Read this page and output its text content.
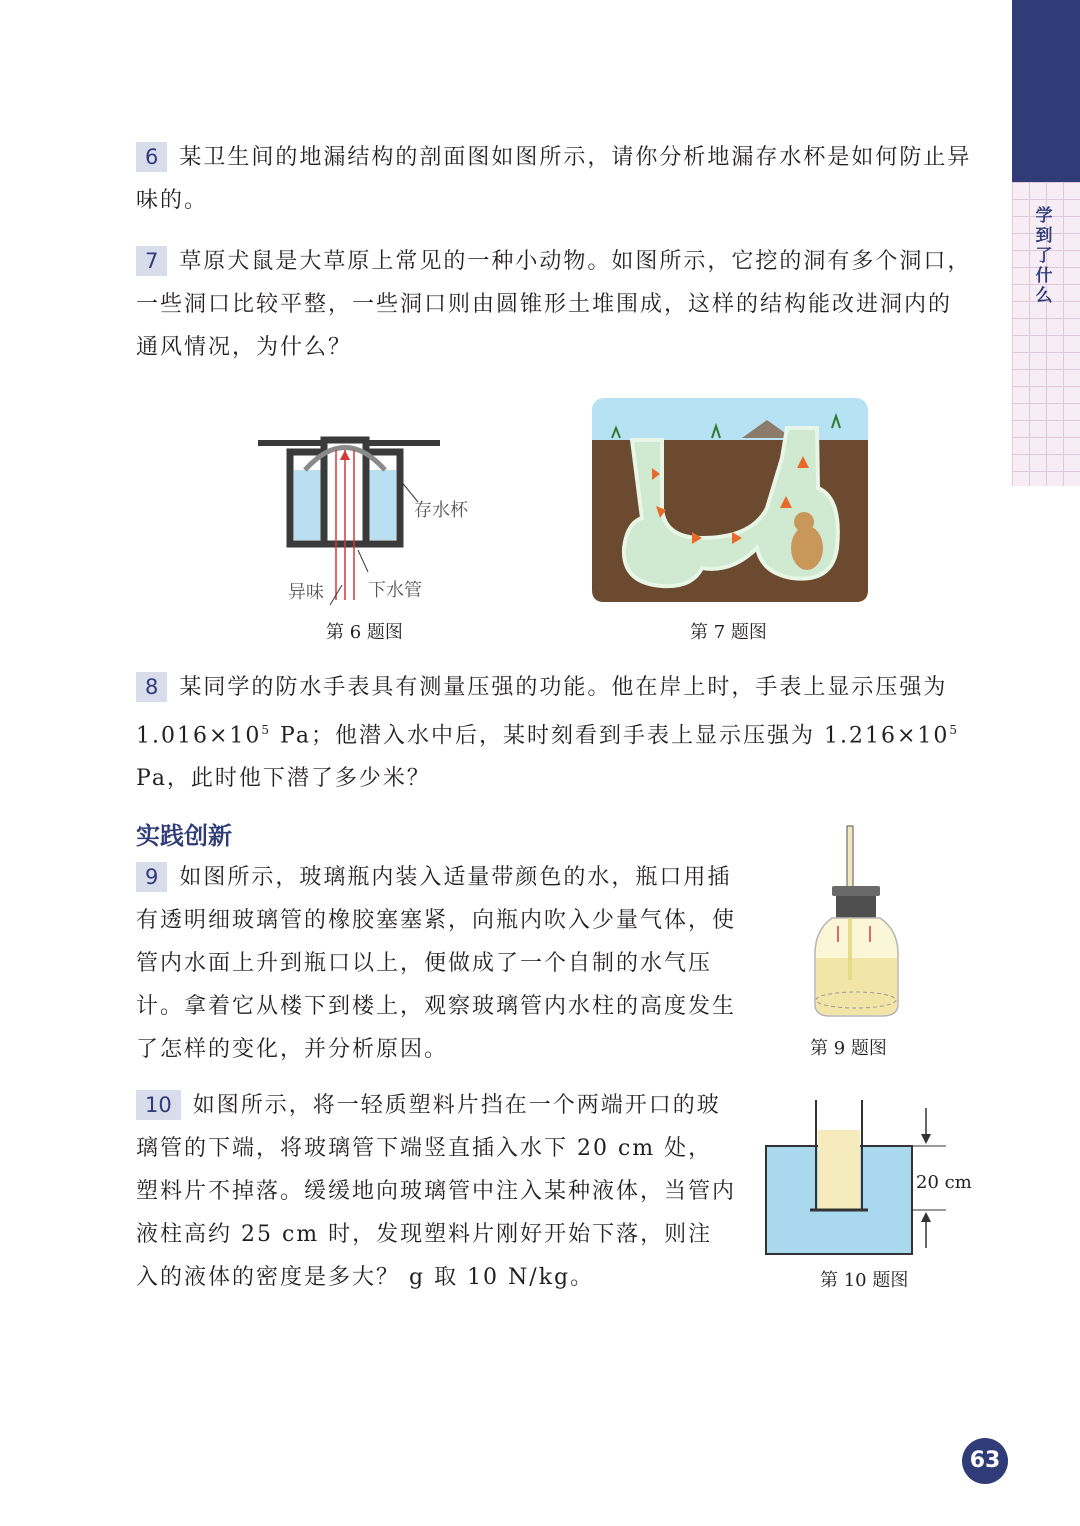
学到了什么

6 某卫生间的地漏结构的剖面图如图所示，请你分析地漏存水杯是如何防止异味的。

7 草原犬鼠是大草原上常见的一种小动物。如图所示，它挖的洞有多个洞口，一些洞口比较平整，一些洞口则由圆锥形土堆围成，这样的结构能改进洞内的通风情况，为什么？

存水杯
异味 下水管
第 6 题图	第 7 题图

8 某同学的防水手表具有测量压强的功能。他在岸上时，手表上显示压强为 $1.016\times 10^5$ Pa；他潜入水中后，某时刻看到手表上显示压强为 $1.216\times 10^5$ Pa，此时他下潜了多少米？

实践创新

9 如图所示，玻璃瓶内装入适量带颜色的水，瓶口用插有透明细玻璃管的橡胶塞塞紧，向瓶内吹入少量气体，使管内水面上升到瓶口以上，便做成了一个自制的水气压计。拿着它从楼下到楼上，观察玻璃管内水柱的高度发生了怎样的变化，并分析原因。	第 9 题图

10 如图所示，将一轻质塑料片挡在一个两端开口的玻璃管的下端，将玻璃管下端竖直插入水下 20 cm 处，塑料片不掉落。缓缓地向玻璃管中注入某种液体，当管内液柱高约 25 cm 时，发现塑料片刚好开始下落，则注入的液体的密度是多大？ g 取 10 N/kg。

20 cm
第 10 题图
63
